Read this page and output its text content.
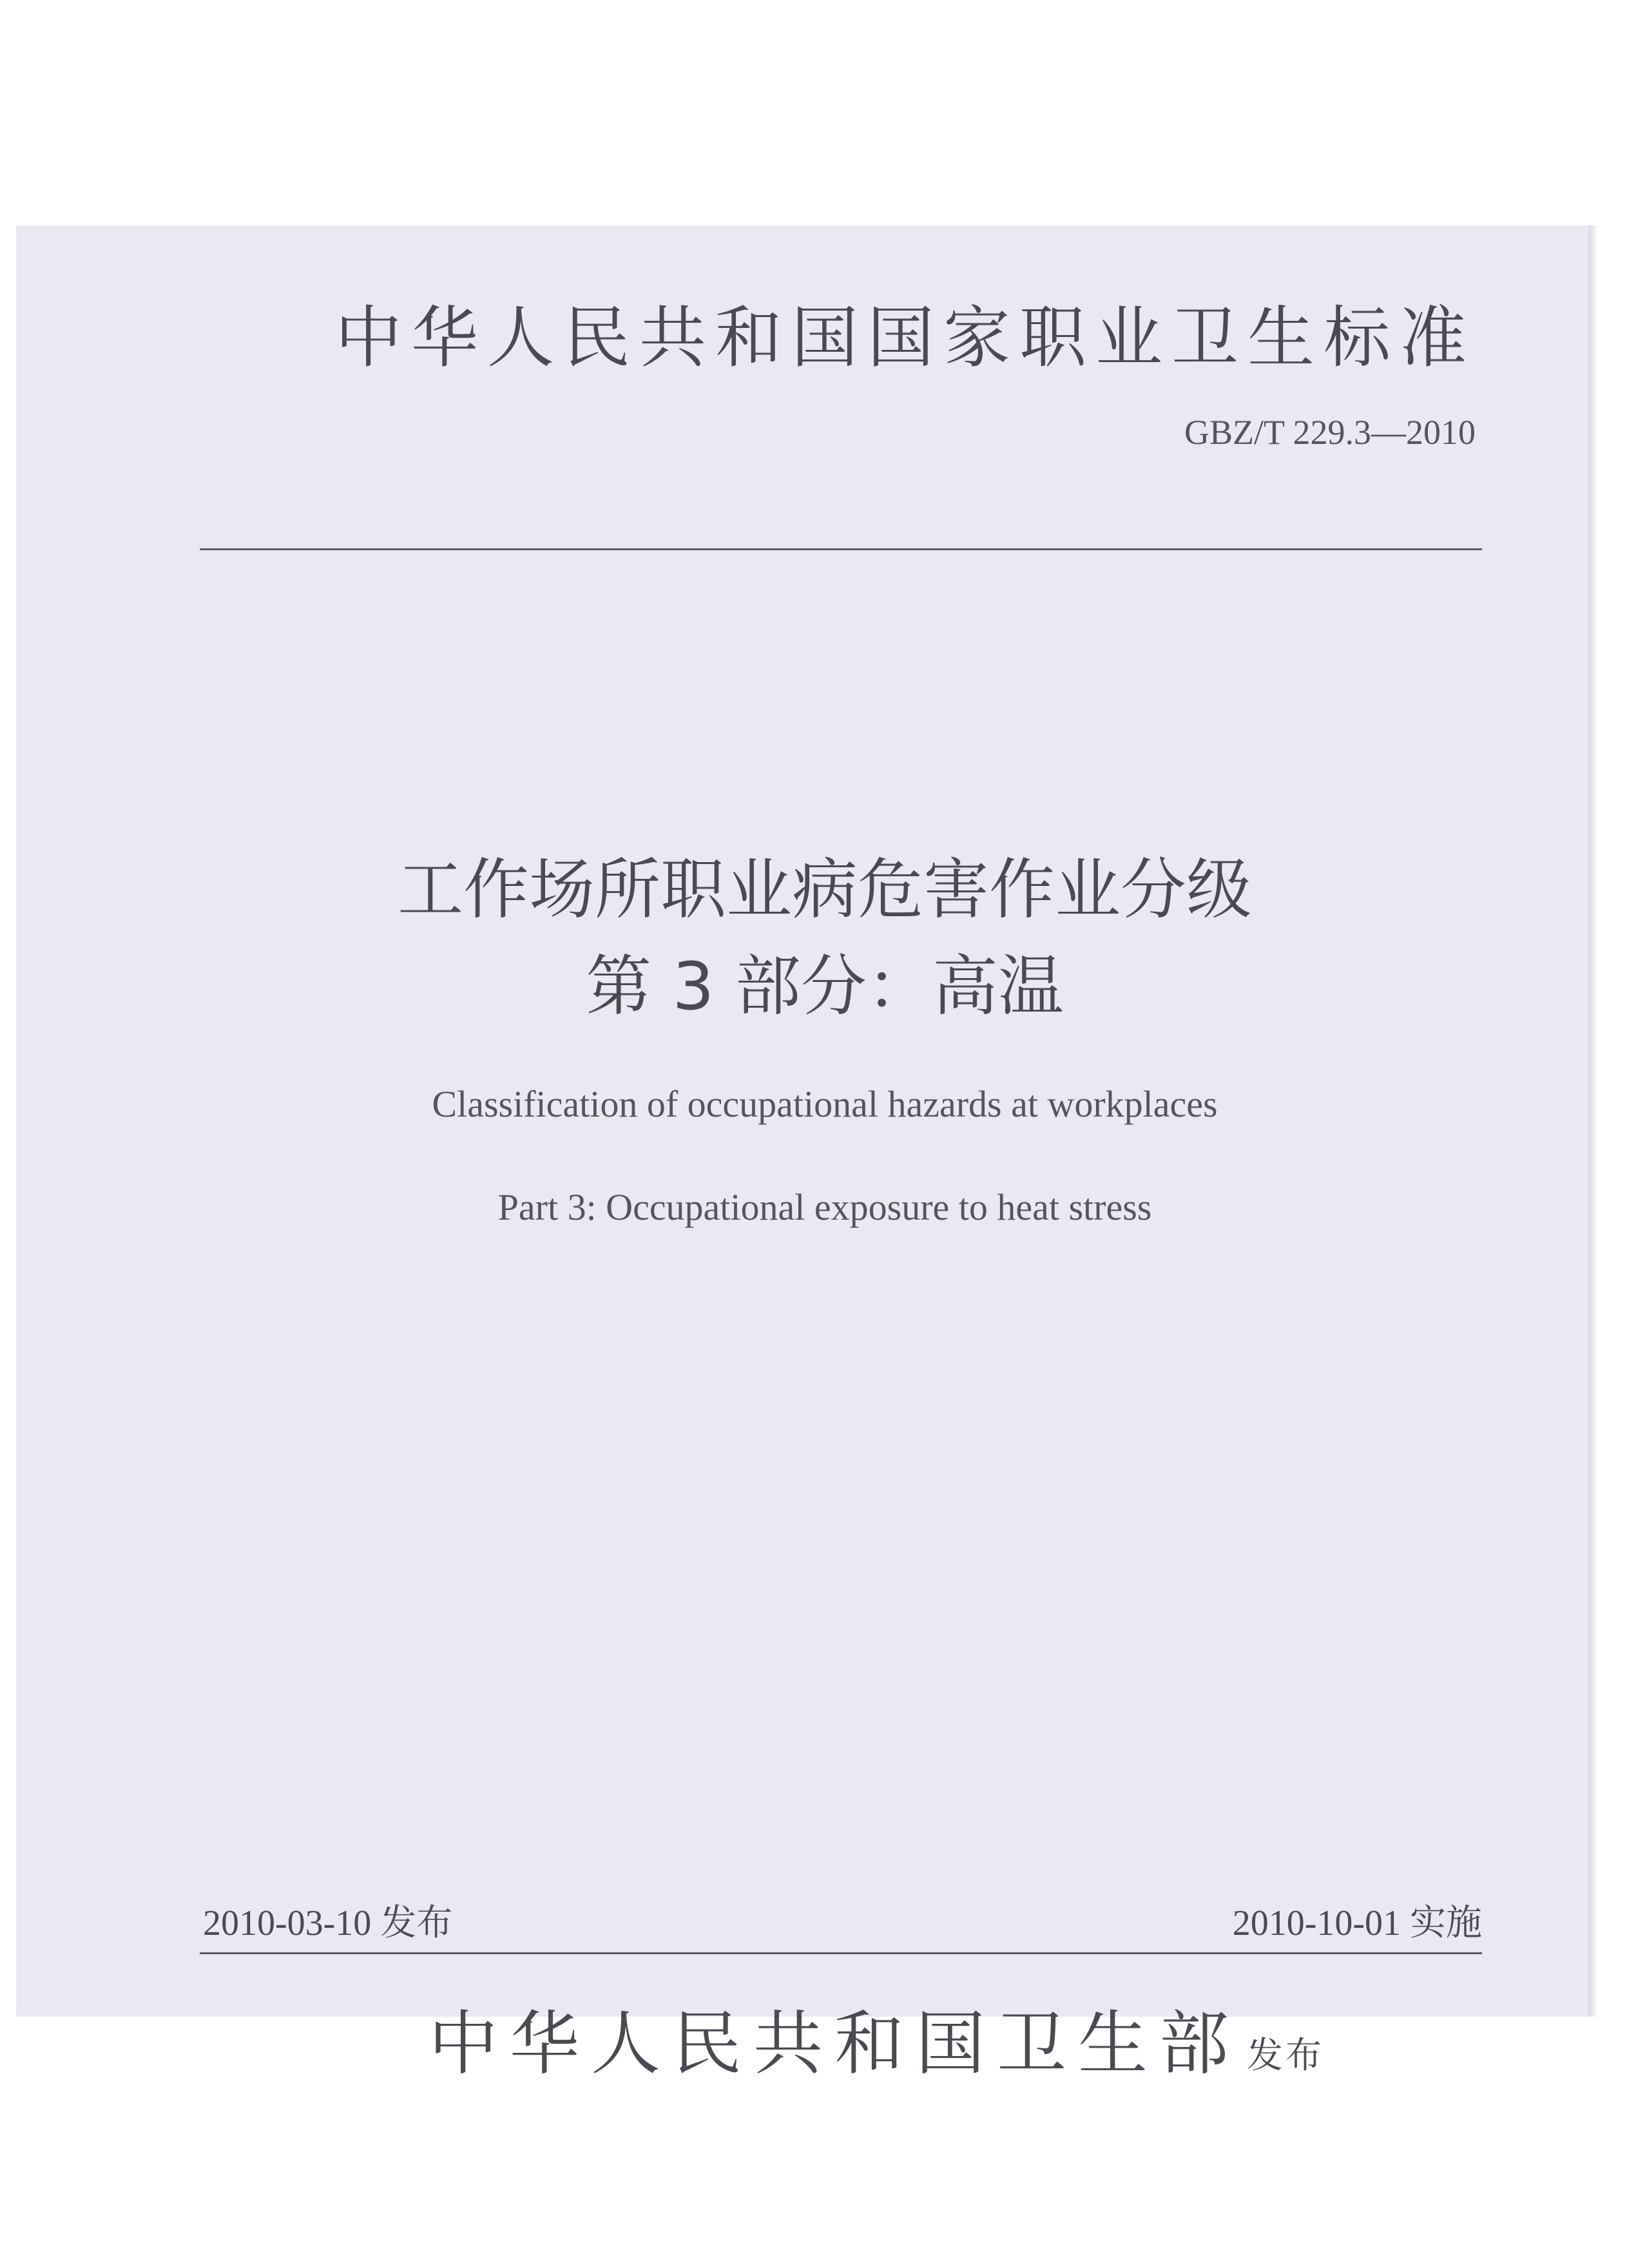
中华人民共和国国家职业卫生标准
GBZ/T 229.3—2010
工作场所职业病危害作业分级
第 3 部分：高温
Classification of occupational hazards at workplaces
Part 3: Occupational exposure to heat stress
2010-03-10 发布	2010-10-01 实施
中华人民共和国卫生部 发布
